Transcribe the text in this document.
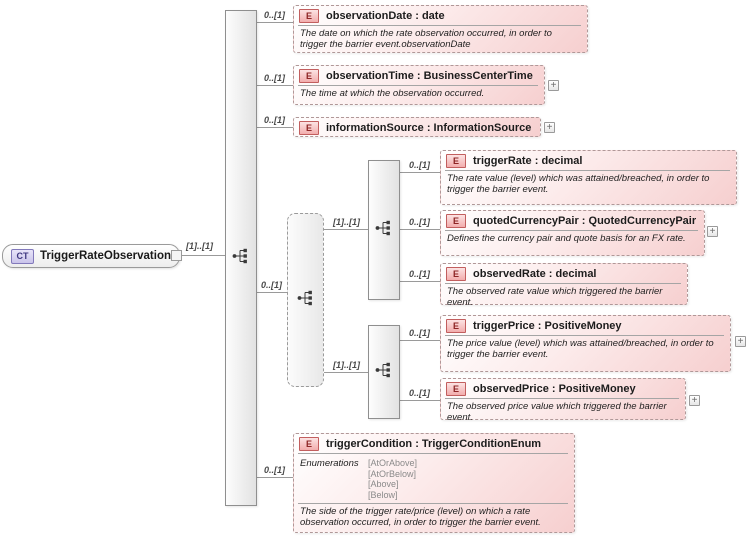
[1]..[1]
0..[1]
0..[1]
0..[1]
0..[1]
0..[1]
[1]..[1]
[1]..[1]
0..[1]
0..[1]
0..[1]
0..[1]
0..[1]
CT	TriggerRateObservation
E	observationDate : date
The date on which the rate observation occurred, in order to trigger the barrier event.observationDate
E	observationTime : BusinessCenterTime
The time at which the observation occurred.
+
E	informationSource : InformationSource +
E	triggerRate : decimal
The rate value (level) which was attained/breached, in order to trigger the barrier event.
E	quotedCurrencyPair : QuotedCurrencyPair
Defines the currency pair and quote basis for an FX rate.
+
E	observedRate : decimal
The observed rate value which triggered the barrier event.
E	triggerPrice : PositiveMoney
The price value (level) which was attained/breached, in order to trigger the barrier event.
+
E	observedPrice : PositiveMoney
The observed price value which triggered the barrier event.
+
E	triggerCondition : TriggerConditionEnum
Enumerations [AtOrAbove]
[AtOrBelow]
[Above]
[Below]
The side of the trigger rate/price (level) on which a rate observation occurred, in order to trigger the barrier event.
